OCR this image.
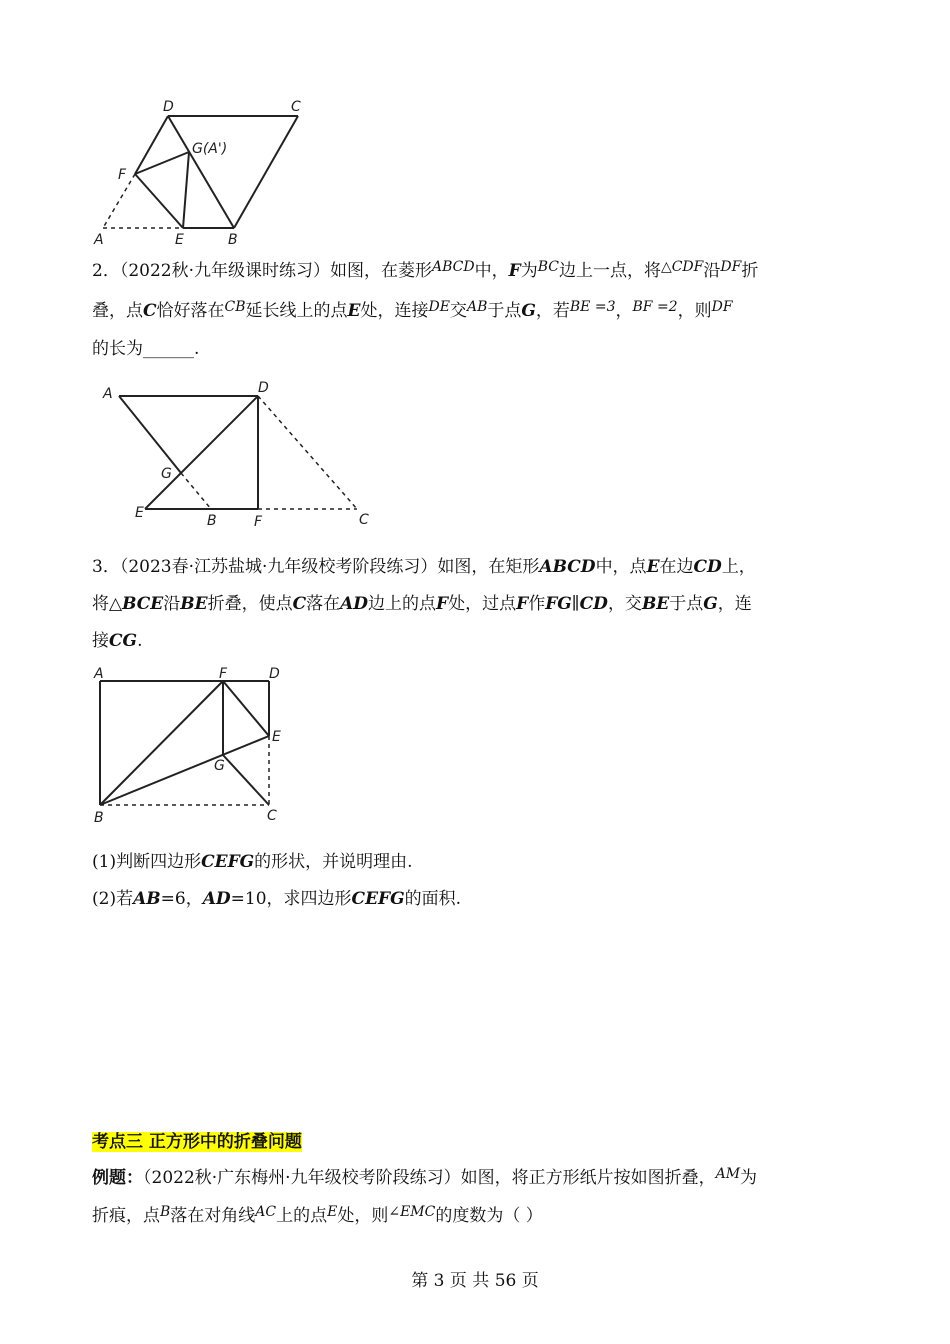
D	C
G(A')
F
A	E	B
2．（2022秋·九年级课时练习）如图，在菱形$^{ABCD}$中，F为$^{BC}$边上一点，将$^{\triangle CDF}$沿$^{DF}$折
叠，点C恰好落在$^{CB}$延长线上的点E处，连接$^{DE}$交$^{AB}$于点G，若$^{BE =3}$，$^{BF =2}$，则$^{DF}$
的长为______.
A	D
G
E	B	F	C
3．（2023春·江苏盐城·九年级校考阶段练习）如图，在矩形ABCD中，点E在边CD上，
将△BCE沿BE折叠，使点C落在AD边上的点F处，过点F作FG∥CD，交BE于点G，连
接CG.
A	F	D
E
G
B	C
(1)判断四边形CEFG的形状，并说明理由.
(2)若AB=6，AD=10，求四边形CEFG的面积.
考点三 正方形中的折叠问题
例题：（2022秋·广东梅州·九年级校考阶段练习）如图，将正方形纸片按如图折叠，$^{AM}$为
折痕，点$^B$落在对角线$^{AC}$上的点$^E$处，则$^{\angle EMC}$的度数为（ ）
第 3 页 共 56 页
